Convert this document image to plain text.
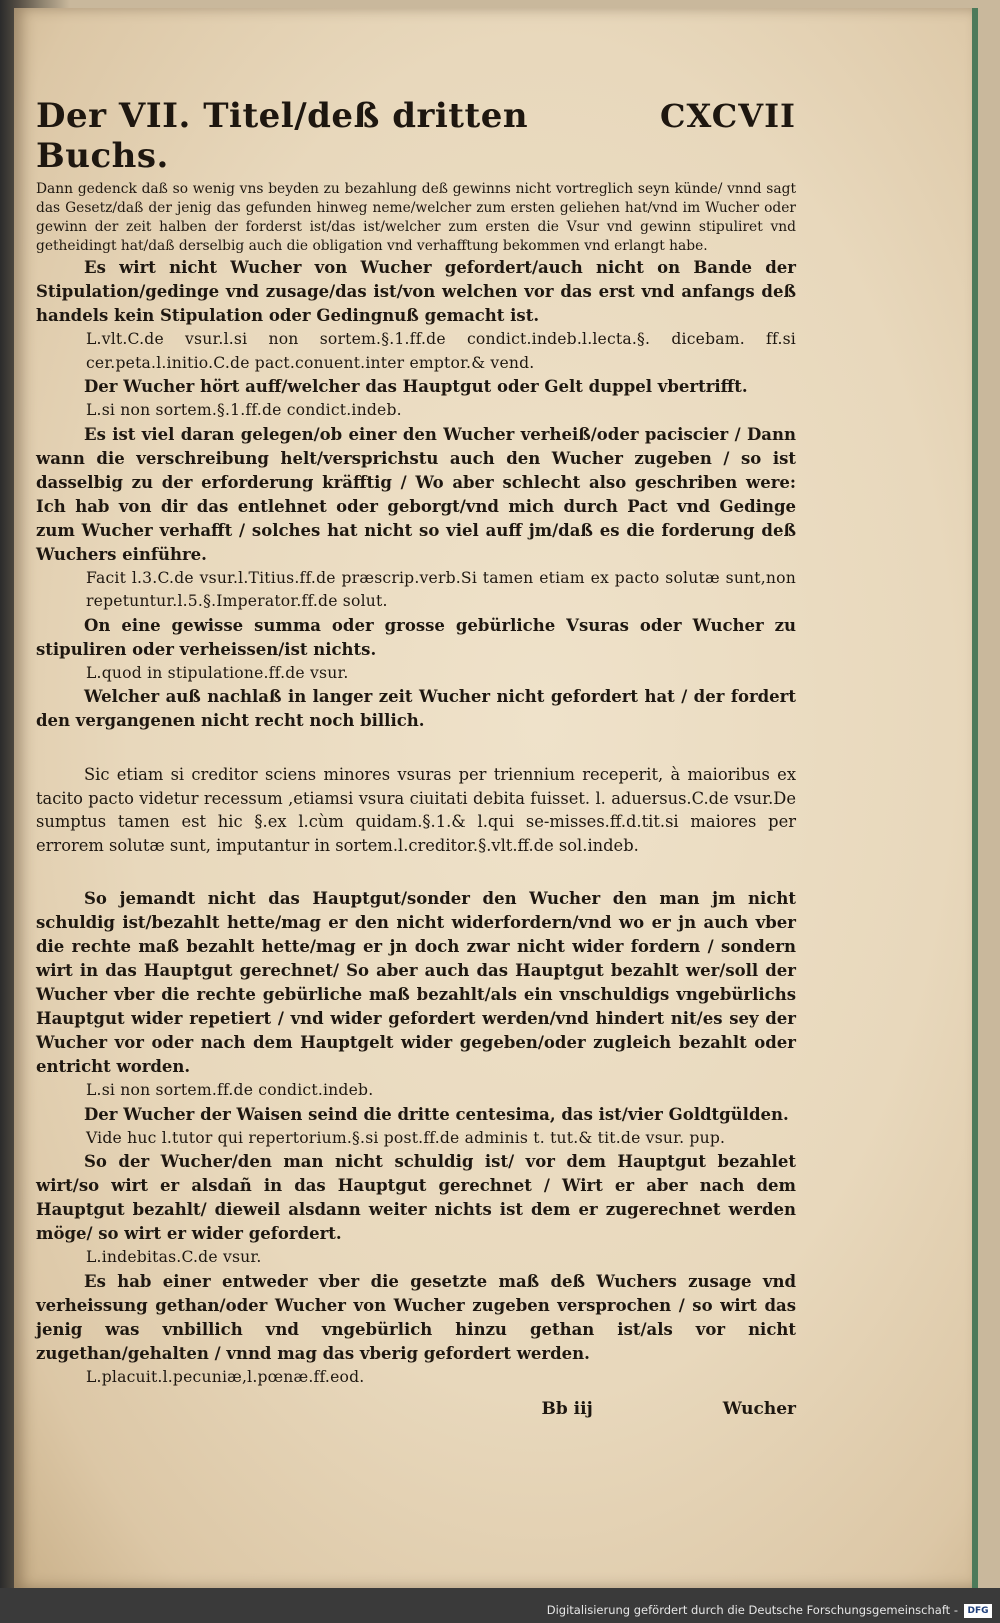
Der VII. Titel/deß dritten Buchs.
CXCVII

Dann gedenck daß so wenig vns beyden zu bezahlung deß gewinns nicht vortreglich seyn künde/ vnnd sagt das Gesetz/daß der jenig das gefunden hinweg neme/welcher zum ersten geliehen hat/vnd im Wucher oder gewinn der zeit halben der forderst ist/das ist/welcher zum ersten die Vsur vnd gewinn stipuliret vnd getheidingt hat/daß derselbig auch die obligation vnd verhafftung bekommen vnd erlangt habe.

Es wirt nicht Wucher von Wucher gefordert/auch nicht on Bande der Stipulation/gedinge vnd zusage/das ist/von welchen vor das erst vnd anfangs deß handels kein Stipulation oder Gedingnuß gemacht ist.

L.vlt.C.de vsur.l.si non sortem.§.1.ff.de condict.indeb.l.lecta.§. dicebam. ff.si cer.peta.l.initio.C.de pact.conuent.inter emptor.& vend.

Der Wucher hört auff/welcher das Hauptgut oder Gelt duppel vbertrifft.

L.si non sortem.§.1.ff.de condict.indeb.

Es ist viel daran gelegen/ob einer den Wucher verheiß/oder paciscier / Dann wann die verschreibung helt/versprichstu auch den Wucher zugeben / so ist dasselbig zu der erforderung kräfftig / Wo aber schlecht also geschriben were: Ich hab von dir das entlehnet oder geborgt/vnd mich durch Pact vnd Gedinge zum Wucher verhafft / solches hat nicht so viel auff jm/daß es die forderung deß Wuchers einführe.

Facit l.3.C.de vsur.l.Titius.ff.de præscrip.verb.Si tamen etiam ex pacto solutæ sunt,non repetuntur.l.5.§.Imperator.ff.de solut.

On eine gewisse summa oder grosse gebürliche Vsuras oder Wucher zu stipuliren oder verheissen/ist nichts.

L.quod in stipulatione.ff.de vsur.

Welcher auß nachlaß in langer zeit Wucher nicht gefordert hat / der fordert den vergangenen nicht recht noch billich.

Sic etiam si creditor sciens minores vsuras per triennium receperit, à maioribus ex tacito pacto videtur recessum ,etiamsi vsura ciuitati debita fuisset. l. aduersus.C.de vsur.De sumptus tamen est hic §.ex l.cùm quidam.§.1.& l.qui se-misses.ff.d.tit.si maiores per errorem solutæ sunt, imputantur in sortem.l.creditor.§.vlt.ff.de sol.indeb.

So jemandt nicht das Hauptgut/sonder den Wucher den man jm nicht schuldig ist/bezahlt hette/mag er den nicht widerfordern/vnd wo er jn auch vber die rechte maß bezahlt hette/mag er jn doch zwar nicht wider fordern / sondern wirt in das Hauptgut gerechnet/ So aber auch das Hauptgut bezahlt wer/soll der Wucher vber die rechte gebürliche maß bezahlt/als ein vnschuldigs vngebürlichs Hauptgut wider repetiert / vnd wider gefordert werden/vnd hindert nit/es sey der Wucher vor oder nach dem Hauptgelt wider gegeben/oder zugleich bezahlt oder entricht worden.

L.si non sortem.ff.de condict.indeb.

Der Wucher der Waisen seind die dritte centesima, das ist/vier Goldtgülden.

Vide huc l.tutor qui repertorium.§.si post.ff.de adminis t. tut.& tit.de vsur. pup.

So der Wucher/den man nicht schuldig ist/ vor dem Hauptgut bezahlet wirt/so wirt er alsdañ in das Hauptgut gerechnet / Wirt er aber nach dem Hauptgut bezahlt/ dieweil alsdann weiter nichts ist dem er zugerechnet werden möge/ so wirt er wider gefordert.

L.indebitas.C.de vsur.

Es hab einer entweder vber die gesetzte maß deß Wuchers zusage vnd verheissung gethan/oder Wucher von Wucher zugeben versprochen / so wirt das jenig was vnbillich vnd vngebürlich hinzu gethan ist/als vor nicht zugethan/gehalten / vnnd mag das vberig gefordert werden.

L.placuit.l.pecuniæ,l.pœnæ.ff.eod.

Bb iij	Wucher
Digitalisierung gefördert durch die Deutsche Forschungsgemeinschaft -	DFG
